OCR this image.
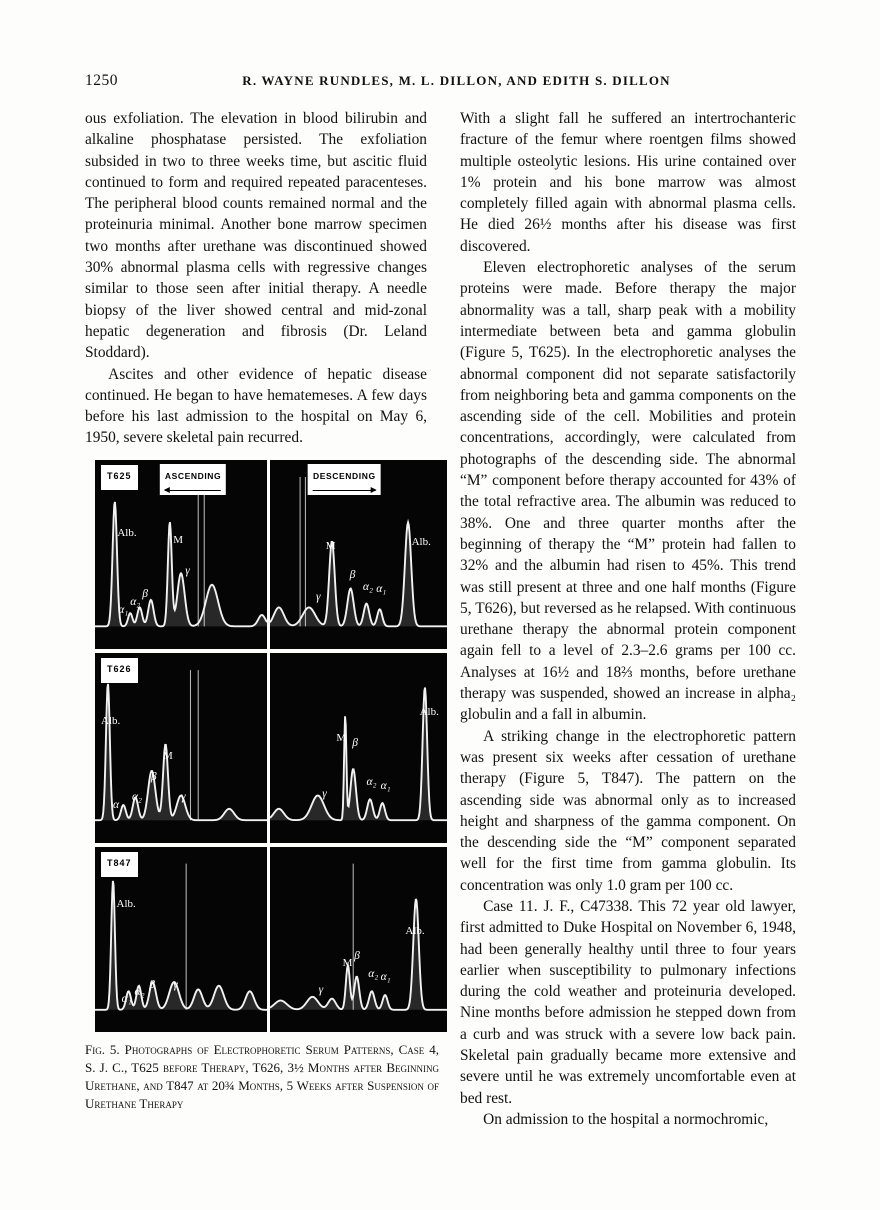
1250	R. WAYNE RUNDLES, M. L. DILLON, AND EDITH S. DILLON

ous exfoliation. The elevation in blood bilirubin and alkaline phosphatase persisted. The exfoliation subsided in two to three weeks time, but ascitic fluid continued to form and required repeated paracenteses. The peripheral blood counts remained normal and the proteinuria minimal. Another bone marrow specimen two months after urethane was discontinued showed 30% abnormal plasma cells with regressive changes similar to those seen after initial therapy. A needle biopsy of the liver showed central and mid-zonal hepatic degeneration and fibrosis (Dr. Leland Stoddard).

Ascites and other evidence of hepatic disease continued. He began to have hematemeses. A few days before his last admission to the hospital on May 6, 1950, severe skeletal pain recurred.

Alb.
M
γ
α₁
α₂
β
T625	ASCENDING
M	Alb.
β
α₂ α₁
γ
DESCENDING
Alb.
M
β
γ
α₁
α₂
T626
M β
Alb.
γ
α₂ α₁
Alb.
α₁
α₂
β γ
T847
M
β
Alb.
γ
α₂ α₁

Fig. 5. Photographs of Electrophoretic Serum Patterns, Case 4, S. J. C., T625 before Therapy, T626, 3½ Months after Beginning Urethane, and T847 at 20¾ Months, 5 Weeks after Suspension of Urethane Therapy

With a slight fall he suffered an intertrochanteric fracture of the femur where roentgen films showed multiple osteolytic lesions. His urine contained over 1% protein and his bone marrow was almost completely filled again with abnormal plasma cells. He died 26½ months after his disease was first discovered.

Eleven electrophoretic analyses of the serum proteins were made. Before therapy the major abnormality was a tall, sharp peak with a mobility intermediate between beta and gamma globulin (Figure 5, T625). In the electrophoretic analyses the abnormal component did not separate satisfactorily from neighboring beta and gamma components on the ascending side of the cell. Mobilities and protein concentrations, accordingly, were calculated from photographs of the descending side. The abnormal “M” component before therapy accounted for 43% of the total refractive area. The albumin was reduced to 38%. One and three quarter months after the beginning of therapy the “M” protein had fallen to 32% and the albumin had risen to 45%. This trend was still present at three and one half months (Figure 5, T626), but reversed as he relapsed. With continuous urethane therapy the abnormal protein component again fell to a level of 2.3–2.6 grams per 100 cc. Analyses at 16½ and 18⅔ months, before urethane therapy was suspended, showed an increase in alpha₂ globulin and a fall in albumin.

A striking change in the electrophoretic pattern was present six weeks after cessation of urethane therapy (Figure 5, T847). The pattern on the ascending side was abnormal only as to increased height and sharpness of the gamma component. On the descending side the “M” component separated well for the first time from gamma globulin. Its concentration was only 1.0 gram per 100 cc.

Case 11. J. F., C47338. This 72 year old lawyer, first admitted to Duke Hospital on November 6, 1948, had been generally healthy until three to four years earlier when susceptibility to pulmonary infections during the cold weather and proteinuria developed. Nine months before admission he stepped down from a curb and was struck with a severe low back pain. Skeletal pain gradually became more extensive and severe until he was extremely uncomfortable even at bed rest.

On admission to the hospital a normochromic,
